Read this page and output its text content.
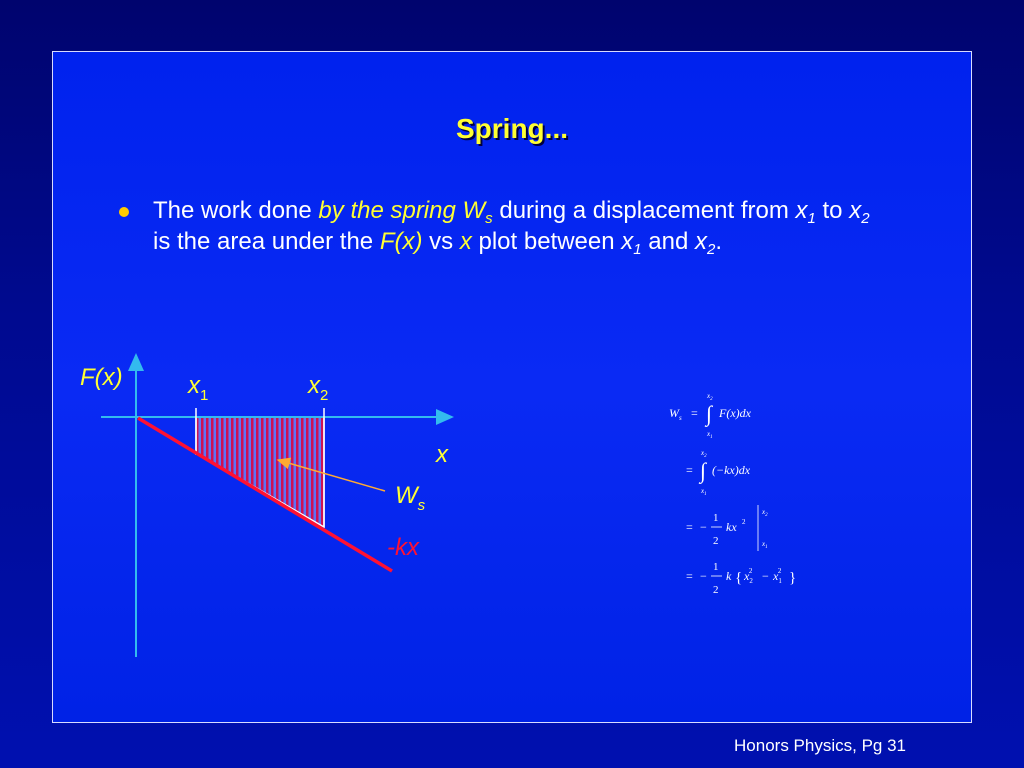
Spring...
The work done by the spring $W_s$ during a displacement from $x_1$ to $x_2$ is the area under the F(x) vs x plot between $x_1$ and $x_2$.
F(x)	$x_1$	$x_2$
x
$W_s$
-kx
$W_s$ = ∫
$x_2$
$x_1$
F(x)dx
= ∫
$x_2$
$x_1$
(−kx)dx
= −
1
2
kx 2
$x_2$
$x_1$
= −
1
2
k { $x_22 - x_12$ }
Honors Physics, Pg 31
